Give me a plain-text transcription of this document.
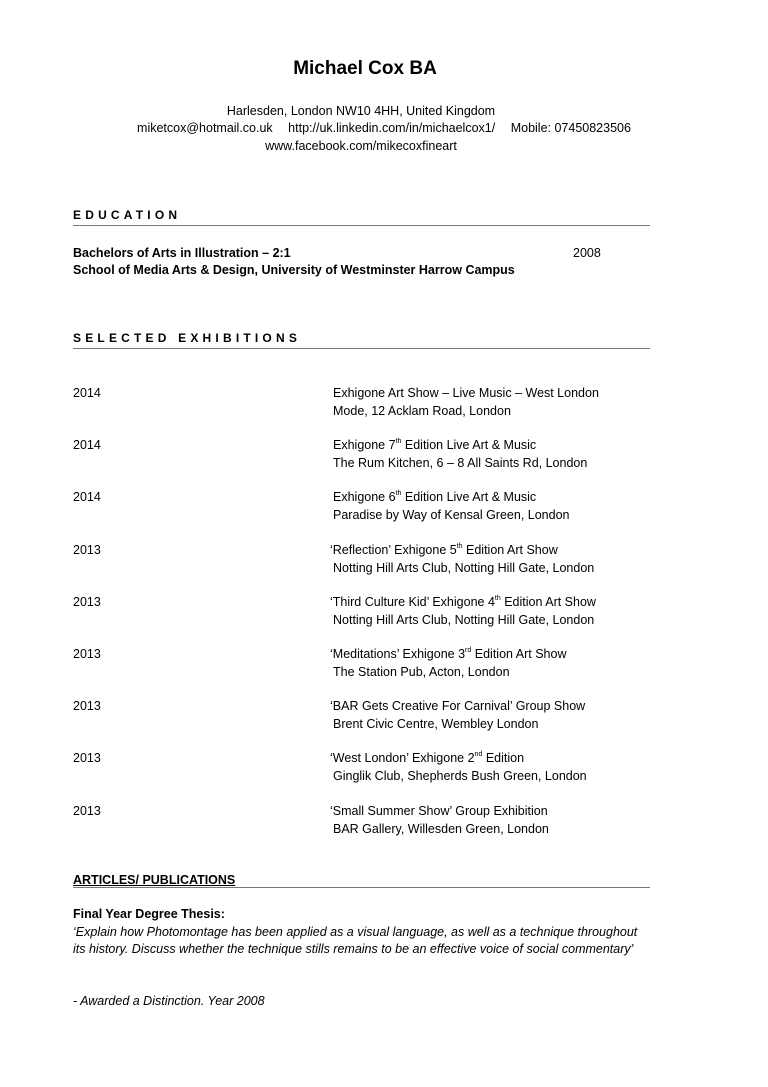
Michael Cox BA
Harlesden, London NW10 4HH, United Kingdom
miketcox@hotmail.co.uk http://uk.linkedin.com/in/michaelcox1/ Mobile: 07450823506
www.facebook.com/mikecoxfineart
EDUCATION
Bachelors of Arts in Illustration – 2:1	2008
School of Media Arts & Design, University of Westminster Harrow Campus
SELECTED EXHIBITIONS
2014	Exhigone Art Show – Live Music – West London
Mode, 12 Acklam Road, London
2014	Exhigone 7th Edition Live Art & Music
The Rum Kitchen, 6 – 8 All Saints Rd, London
2014	Exhigone 6th Edition Live Art & Music
Paradise by Way of Kensal Green, London
2013	‘Reflection’ Exhigone 5th Edition Art Show
Notting Hill Arts Club, Notting Hill Gate, London
2013	‘Third Culture Kid’ Exhigone 4th Edition Art Show
Notting Hill Arts Club, Notting Hill Gate, London
2013	‘Meditations’ Exhigone 3rd Edition Art Show
The Station Pub, Acton, London
2013	‘BAR Gets Creative For Carnival’ Group Show
Brent Civic Centre, Wembley London
2013	‘West London’ Exhigone 2nd Edition
Ginglik Club, Shepherds Bush Green, London
2013	‘Small Summer Show’ Group Exhibition
BAR Gallery, Willesden Green, London
ARTICLES/ PUBLICATIONS
Final Year Degree Thesis:
‘Explain how Photomontage has been applied as a visual language, as well as a technique throughout its history. Discuss whether the technique stills remains to be an effective voice of social commentary’
- Awarded a Distinction. Year 2008
